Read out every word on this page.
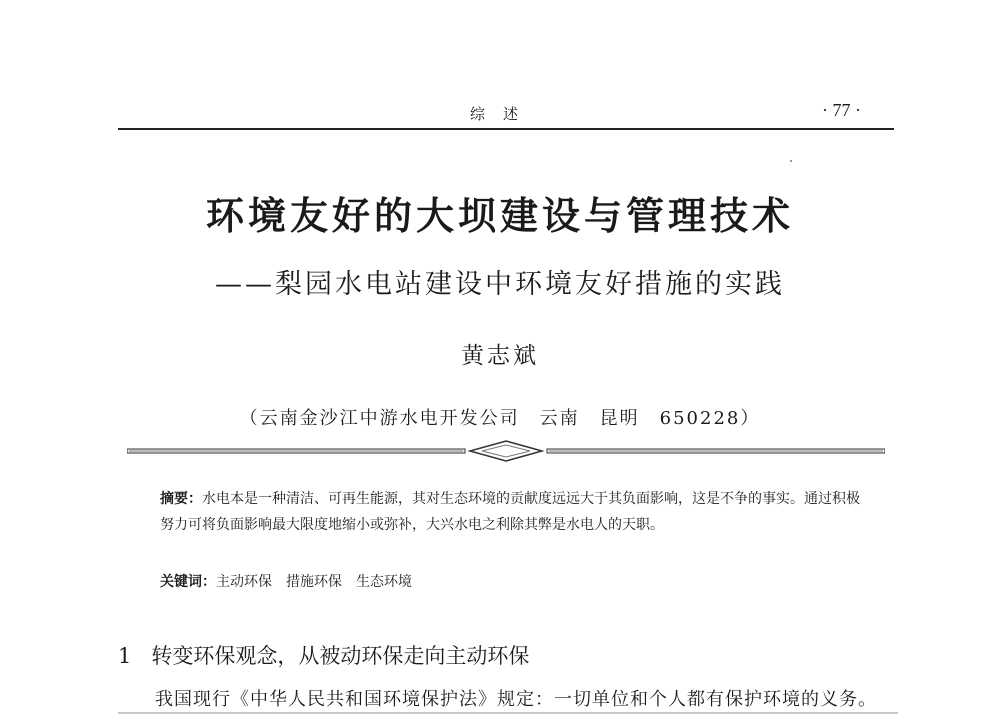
综述	· 77 ·
环境友好的大坝建设与管理技术
——梨园水电站建设中环境友好措施的实践
黄志斌
（云南金沙江中游水电开发公司　云南　昆明　650228）
摘要：水电本是一种清洁、可再生能源，其对生态环境的贡献度远远大于其负面影响，这是不争的事实。通过积极努力可将负面影响最大限度地缩小或弥补，大兴水电之利除其弊是水电人的天职。
关键词：主动环保 措施环保 生态环境
1 转变环保观念，从被动环保走向主动环保
我国现行《中华人民共和国环境保护法》规定：一切单位和个人都有保护环境的义务。
